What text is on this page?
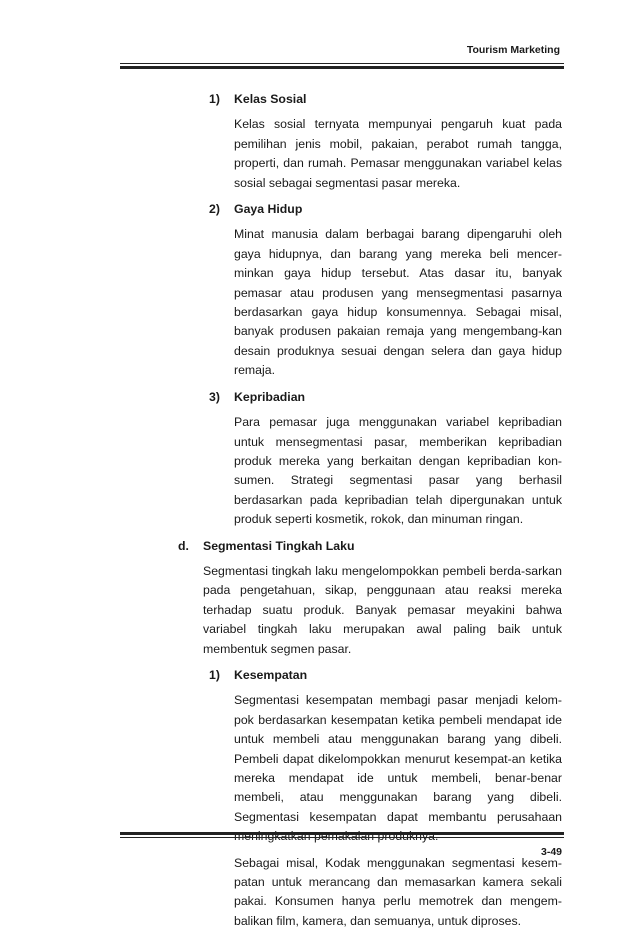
Tourism Marketing
1) Kelas Sosial
Kelas sosial ternyata mempunyai pengaruh kuat pada pemilihan jenis mobil, pakaian, perabot rumah tangga, properti, dan rumah. Pemasar menggunakan variabel kelas sosial sebagai segmentasi pasar mereka.
2) Gaya Hidup
Minat manusia dalam berbagai barang dipengaruhi oleh gaya hidupnya, dan barang yang mereka beli mencer-minkan gaya hidup tersebut. Atas dasar itu, banyak pemasar atau produsen yang mensegmentasi pasarnya berdasarkan gaya hidup konsumennya. Sebagai misal, banyak produsen pakaian remaja yang mengembang-kan desain produknya sesuai dengan selera dan gaya hidup remaja.
3) Kepribadian
Para pemasar juga menggunakan variabel kepribadian untuk mensegmentasi pasar, memberikan kepribadian produk mereka yang berkaitan dengan kepribadian kon-sumen. Strategi segmentasi pasar yang berhasil berdasarkan pada kepribadian telah dipergunakan untuk produk seperti kosmetik, rokok, dan minuman ringan.
d. Segmentasi Tingkah Laku
Segmentasi tingkah laku mengelompokkan pembeli berda-sarkan pada pengetahuan, sikap, penggunaan atau reaksi mereka terhadap suatu produk. Banyak pemasar meyakini bahwa variabel tingkah laku merupakan awal paling baik untuk membentuk segmen pasar.
1) Kesempatan
Segmentasi kesempatan membagi pasar menjadi kelom-pok berdasarkan kesempatan ketika pembeli mendapat ide untuk membeli atau menggunakan barang yang dibeli. Pembeli dapat dikelompokkan menurut kesempat-an ketika mereka mendapat ide untuk membeli, benar-benar membeli, atau menggunakan barang yang dibeli. Segmentasi kesempatan dapat membantu perusahaan
Sebagai misal, Kodak menggunakan segmentasi kesem-patan untuk merancang dan memasarkan kamera sekali pakai. Konsumen hanya perlu memotrek dan mengem-balikan film, kamera, dan semuanya, untuk diproses.
3-49
